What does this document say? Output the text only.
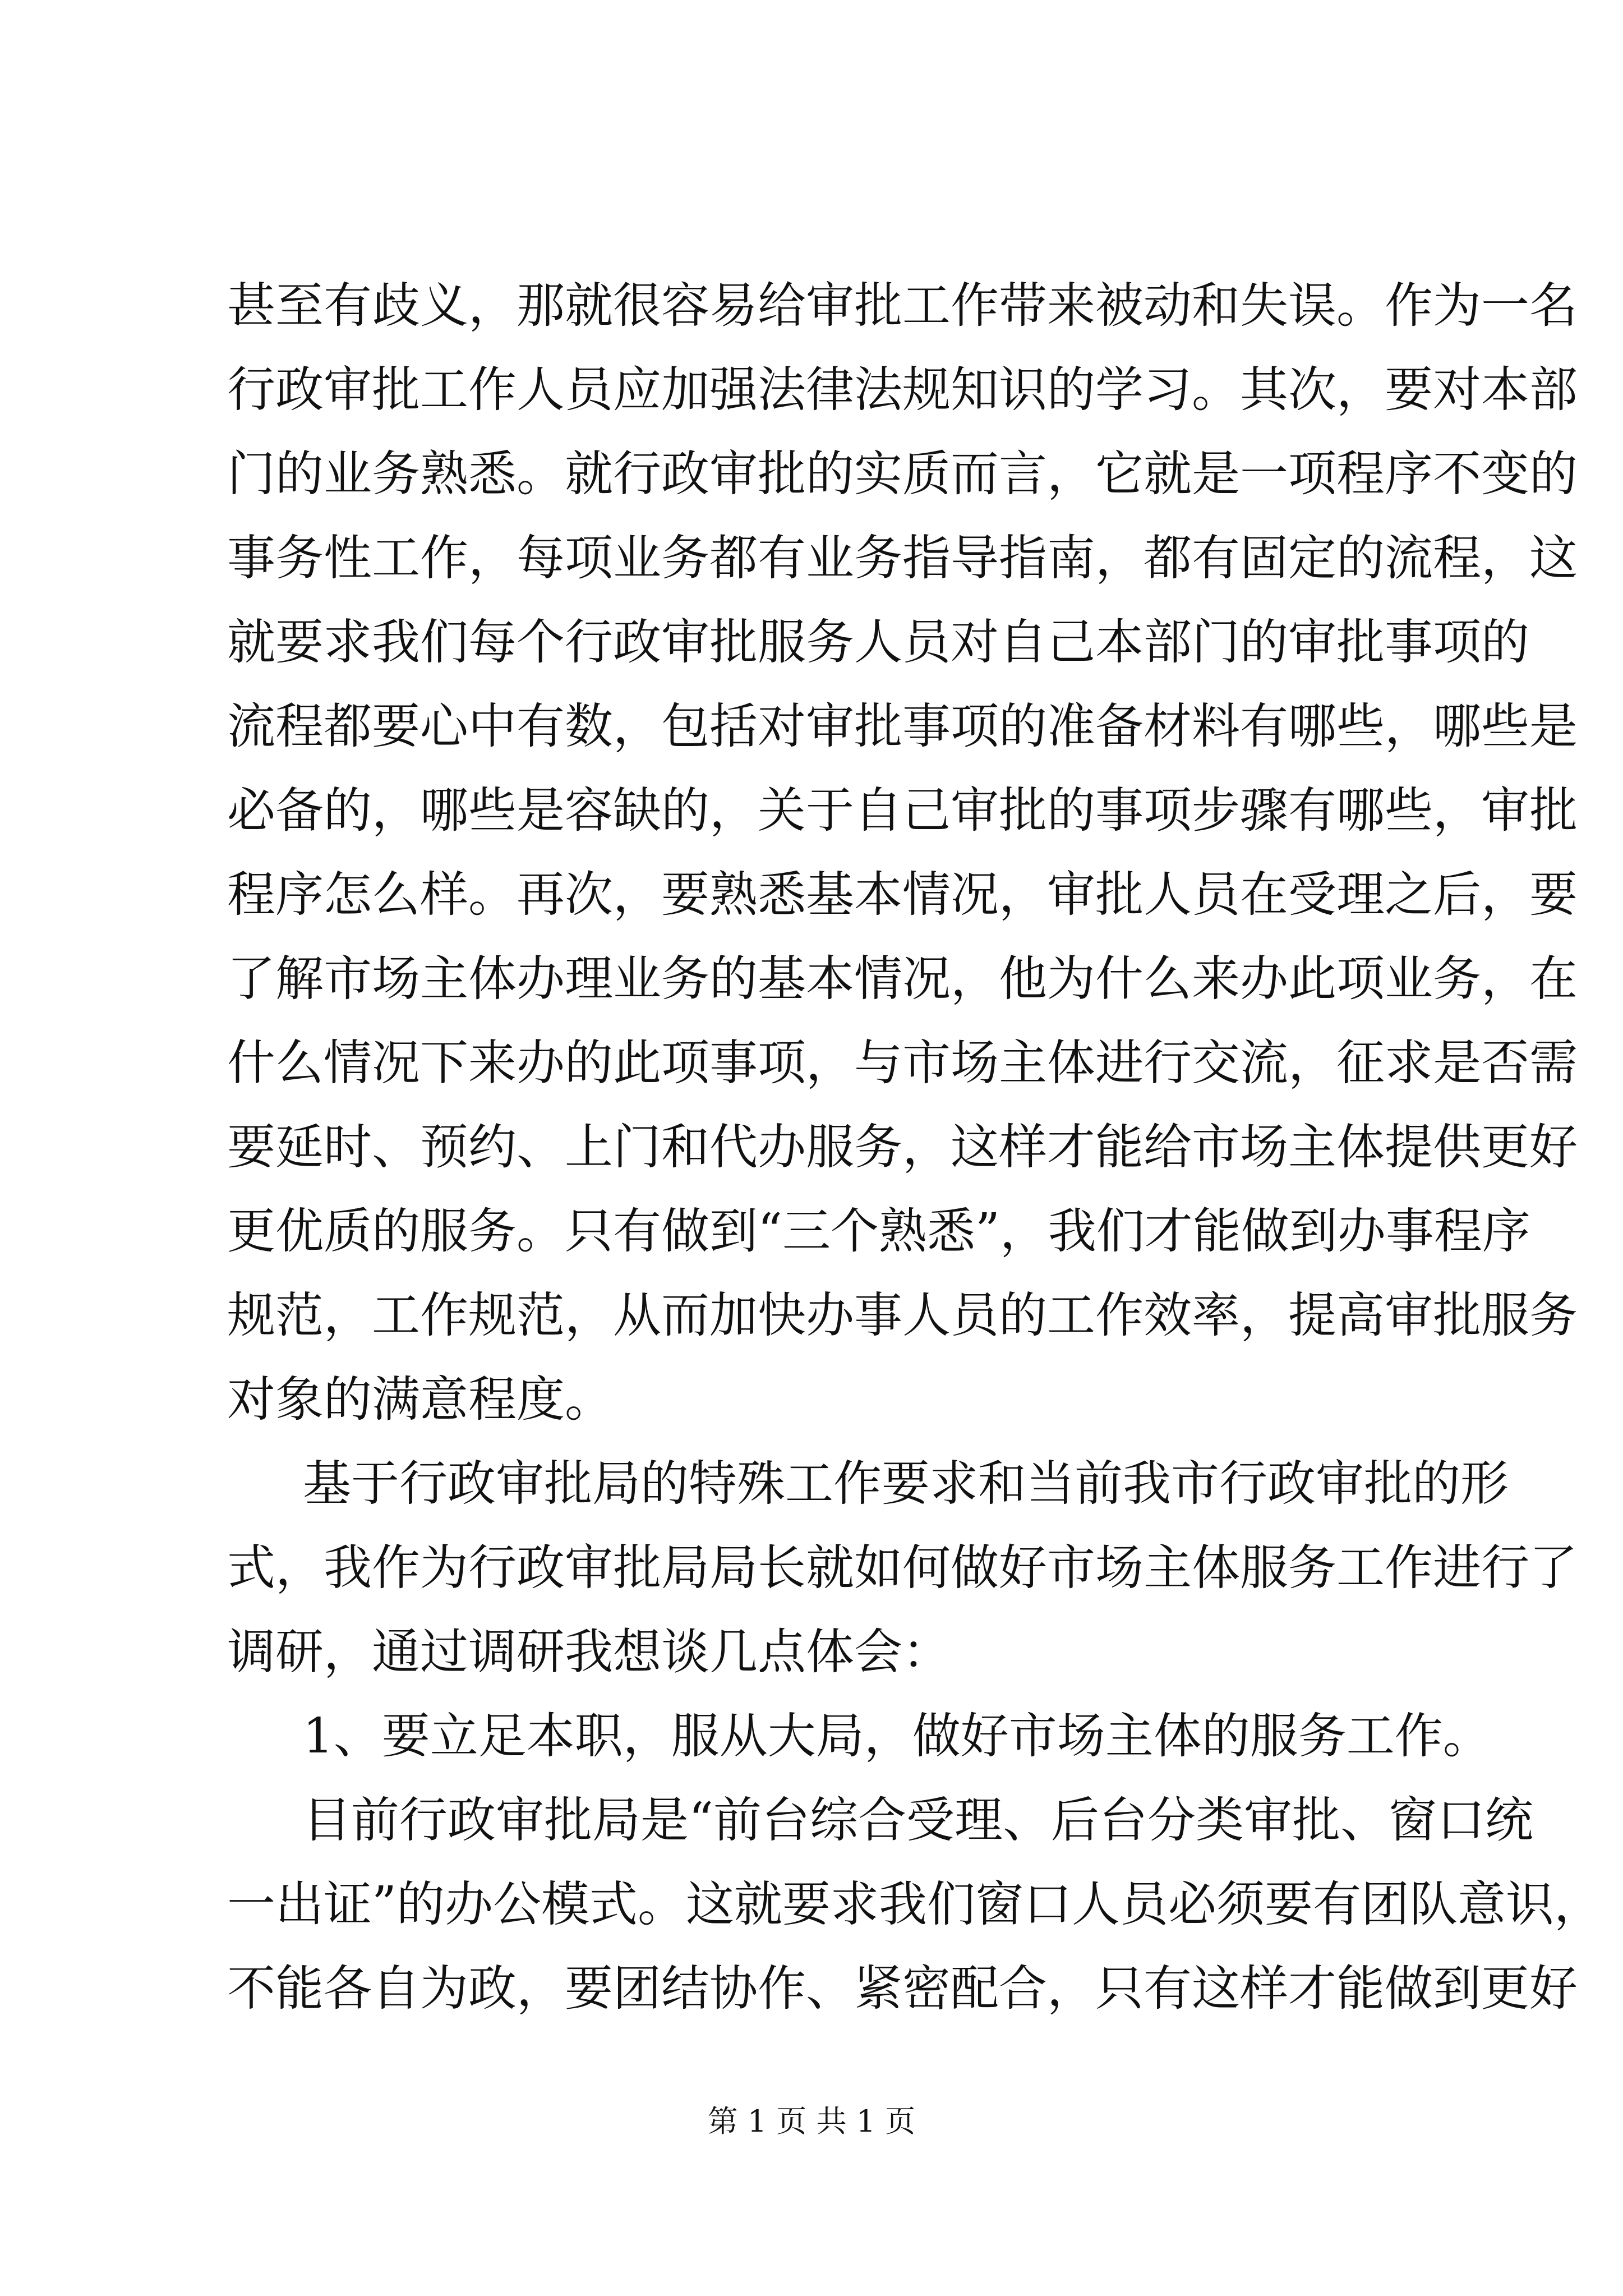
甚至有歧义，那就很容易给审批工作带来被动和失误。作为一名
行政审批工作人员应加强法律法规知识的学习。其次，要对本部
门的业务熟悉。就行政审批的实质而言，它就是一项程序不变的
事务性工作，每项业务都有业务指导指南，都有固定的流程，这
就要求我们每个行政审批服务人员对自己本部门的审批事项的
流程都要心中有数，包括对审批事项的准备材料有哪些，哪些是
必备的，哪些是容缺的，关于自己审批的事项步骤有哪些，审批
程序怎么样。再次，要熟悉基本情况，审批人员在受理之后，要
了解市场主体办理业务的基本情况，他为什么来办此项业务，在
什么情况下来办的此项事项，与市场主体进行交流，征求是否需
要延时、预约、上门和代办服务，这样才能给市场主体提供更好
更优质的服务。只有做到“三个熟悉”，我们才能做到办事程序
规范，工作规范，从而加快办事人员的工作效率，提高审批服务
对象的满意程度。
基于行政审批局的特殊工作要求和当前我市行政审批的形
式，我作为行政审批局局长就如何做好市场主体服务工作进行了
调研，通过调研我想谈几点体会：
1、要立足本职，服从大局，做好市场主体的服务工作。
目前行政审批局是“前台综合受理、后台分类审批、窗口统
一出证”的办公模式。这就要求我们窗口人员必须要有团队意识，
不能各自为政，要团结协作、紧密配合，只有这样才能做到更好
第 1 页 共 1 页
